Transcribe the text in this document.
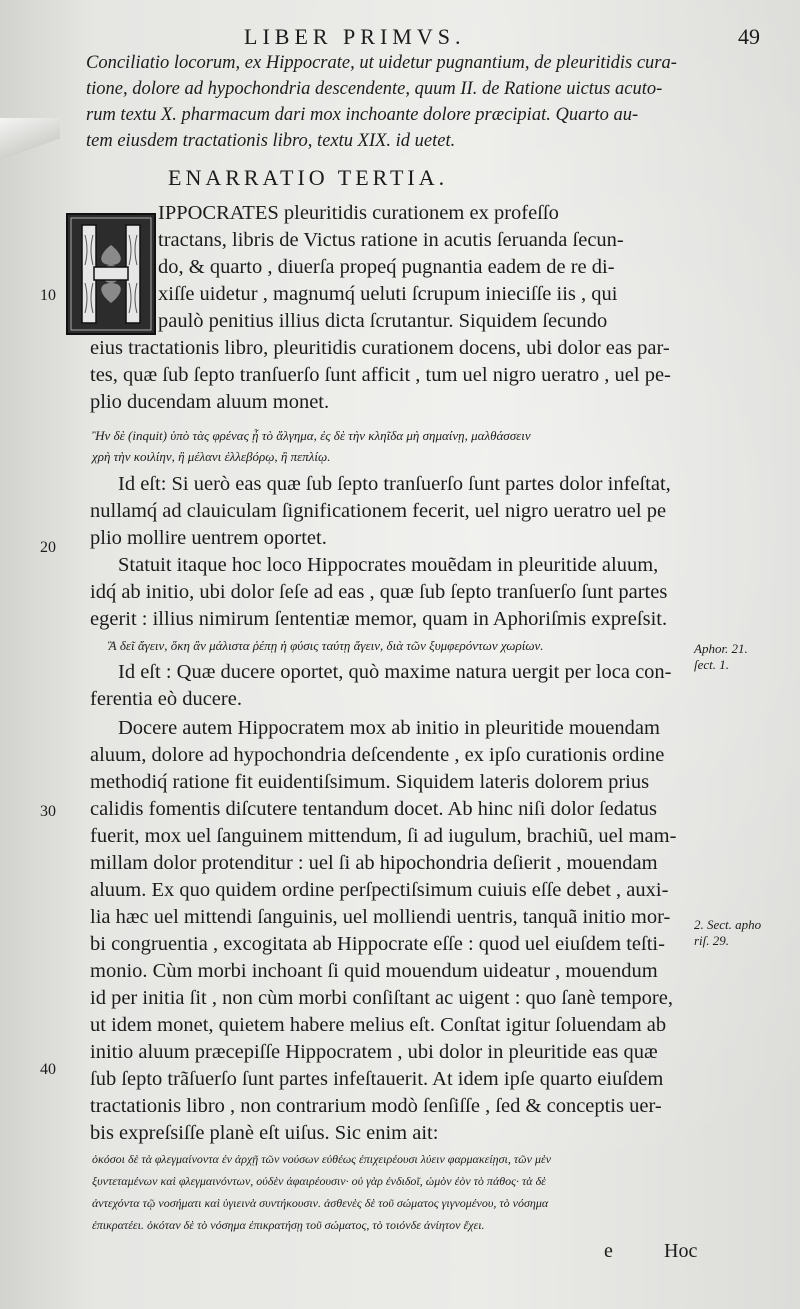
LIBER PRIMVS.	49

Conciliatio locorum, ex Hippocrate, ut uidetur pugnantium, de pleuritidis cura-

tione, dolore ad hypochondria descendente, quum II. de Ratione uictus acuto-

rum textu X. pharmacum dari mox inchoante dolore præcipiat. Quarto au-

tem eiusdem tractationis libro, textu XIX. id uetet.

ENARRATIO TERTIA.
IPPOCRATES pleuritidis curationem ex profeſſo
tractans, libris de Victus ratione in acutis ſeruanda ſecun-
do, & quarto , diuerſa propeq́ pugnantia eadem de re di-
xiſſe uidetur , magnumq́ ueluti ſcrupum inieciſſe iis , qui
paulò penitius illius dicta ſcrutantur. Siquidem ſecundo
eius tractationis libro, pleuritidis curationem docens, ubi dolor eas par-
tes, quæ ſub ſepto tranſuerſo ſunt afficit , tum uel nigro ueratro , uel pe-
plio ducendam aluum monet.
10
Ἢν δὲ (inquit) ὑπὸ τὰς φρένας ᾖ τὸ ἄλγημα, ἐς δὲ τὴν κληῖδα μὴ σημαίνῃ, μαλθάσσειν
χρὴ τὴν κοιλίην, ἢ μέλανι ἐλλεβόρῳ, ἢ πεπλίῳ.
Id eſt: Si uerò eas quæ ſub ſepto tranſuerſo ſunt partes dolor infeſtat,
nullamq́ ad clauiculam ſignificationem fecerit, uel nigro ueratro uel pe
plio mollire uentrem oportet.
Statuit itaque hoc loco Hippocrates mouẽdam in pleuritide aluum,
idq́ ab initio, ubi dolor ſeſe ad eas , quæ ſub ſepto tranſuerſo ſunt partes
egerit : illius nimirum ſententiæ memor, quam in Aphoriſmis expreſsit.
20
Ἃ δεῖ ἄγειν, ὅκη ἂν μάλιστα ῥέπῃ ἡ φύσις ταύτῃ ἄγειν, διὰ τῶν ξυμφερόντων χωρίων.	Aphor. 21.
ſect. 1.
Id eſt : Quæ ducere oportet, quò maxime natura uergit per loca con-
ferentia eò ducere.
Docere autem Hippocratem mox ab initio in pleuritide mouendam
aluum, dolore ad hypochondria deſcendente , ex ipſo curationis ordine
methodiq́ ratione fit euidentiſsimum. Siquidem lateris dolorem prius
calidis fomentis diſcutere tentandum docet. Ab hinc niſi dolor ſedatus
fuerit, mox uel ſanguinem mittendum, ſi ad iugulum, brachiũ, uel mam-
millam dolor protenditur : uel ſi ab hipochondria deſierit , mouendam
aluum. Ex quo quidem ordine perſpectiſsimum cuiuis eſſe debet , auxi-
lia hæc uel mittendi ſanguinis, uel molliendi uentris, tanquã initio mor-
bi congruentia , excogitata ab Hippocrate eſſe : quod uel eiuſdem teſti-
monio. Cùm morbi inchoant ſi quid mouendum uideatur , mouendum
id per initia ſit , non cùm morbi conſiſtant ac uigent : quo ſanè tempore,
ut idem monet, quietem habere melius eſt. Conſtat igitur ſoluendam ab
initio aluum præcepiſſe Hippocratem , ubi dolor in pleuritide eas quæ
ſub ſepto trãſuerſo ſunt partes infeſtauerit. At idem ipſe quarto eiuſdem
tractationis libro , non contrarium modò ſenſiſſe , ſed & conceptis uer-
bis expreſsiſſe planè eſt uiſus. Sic enim ait:
30
40
2. Sect. apho
riſ. 29.
ὁκόσοι δὲ τὰ φλεγμαίνοντα ἐν ἀρχῇ τῶν νούσων εὐθέως ἐπιχειρέουσι λύειν φαρμακείῃσι, τῶν μὲν
ξυντεταμένων καὶ φλεγμαινόντων, οὐδὲν ἀφαιρέουσιν· οὐ γὰρ ἐνδιδοῖ, ὠμὸν ἐὸν τὸ πάθος· τὰ δὲ
ἀντεχόντα τῷ νοσήματι καὶ ὑγιεινὰ συντήκουσιν. ἀσθενὲς δὲ τοῦ σώματος γιγνομένου, τὸ νόσημα
ἐπικρατέει. ὁκόταν δὲ τὸ νόσημα ἐπικρατήσῃ τοῦ σώματος, τὸ τοιόνδε ἀνίητον ἔχει.
e	Hoc
